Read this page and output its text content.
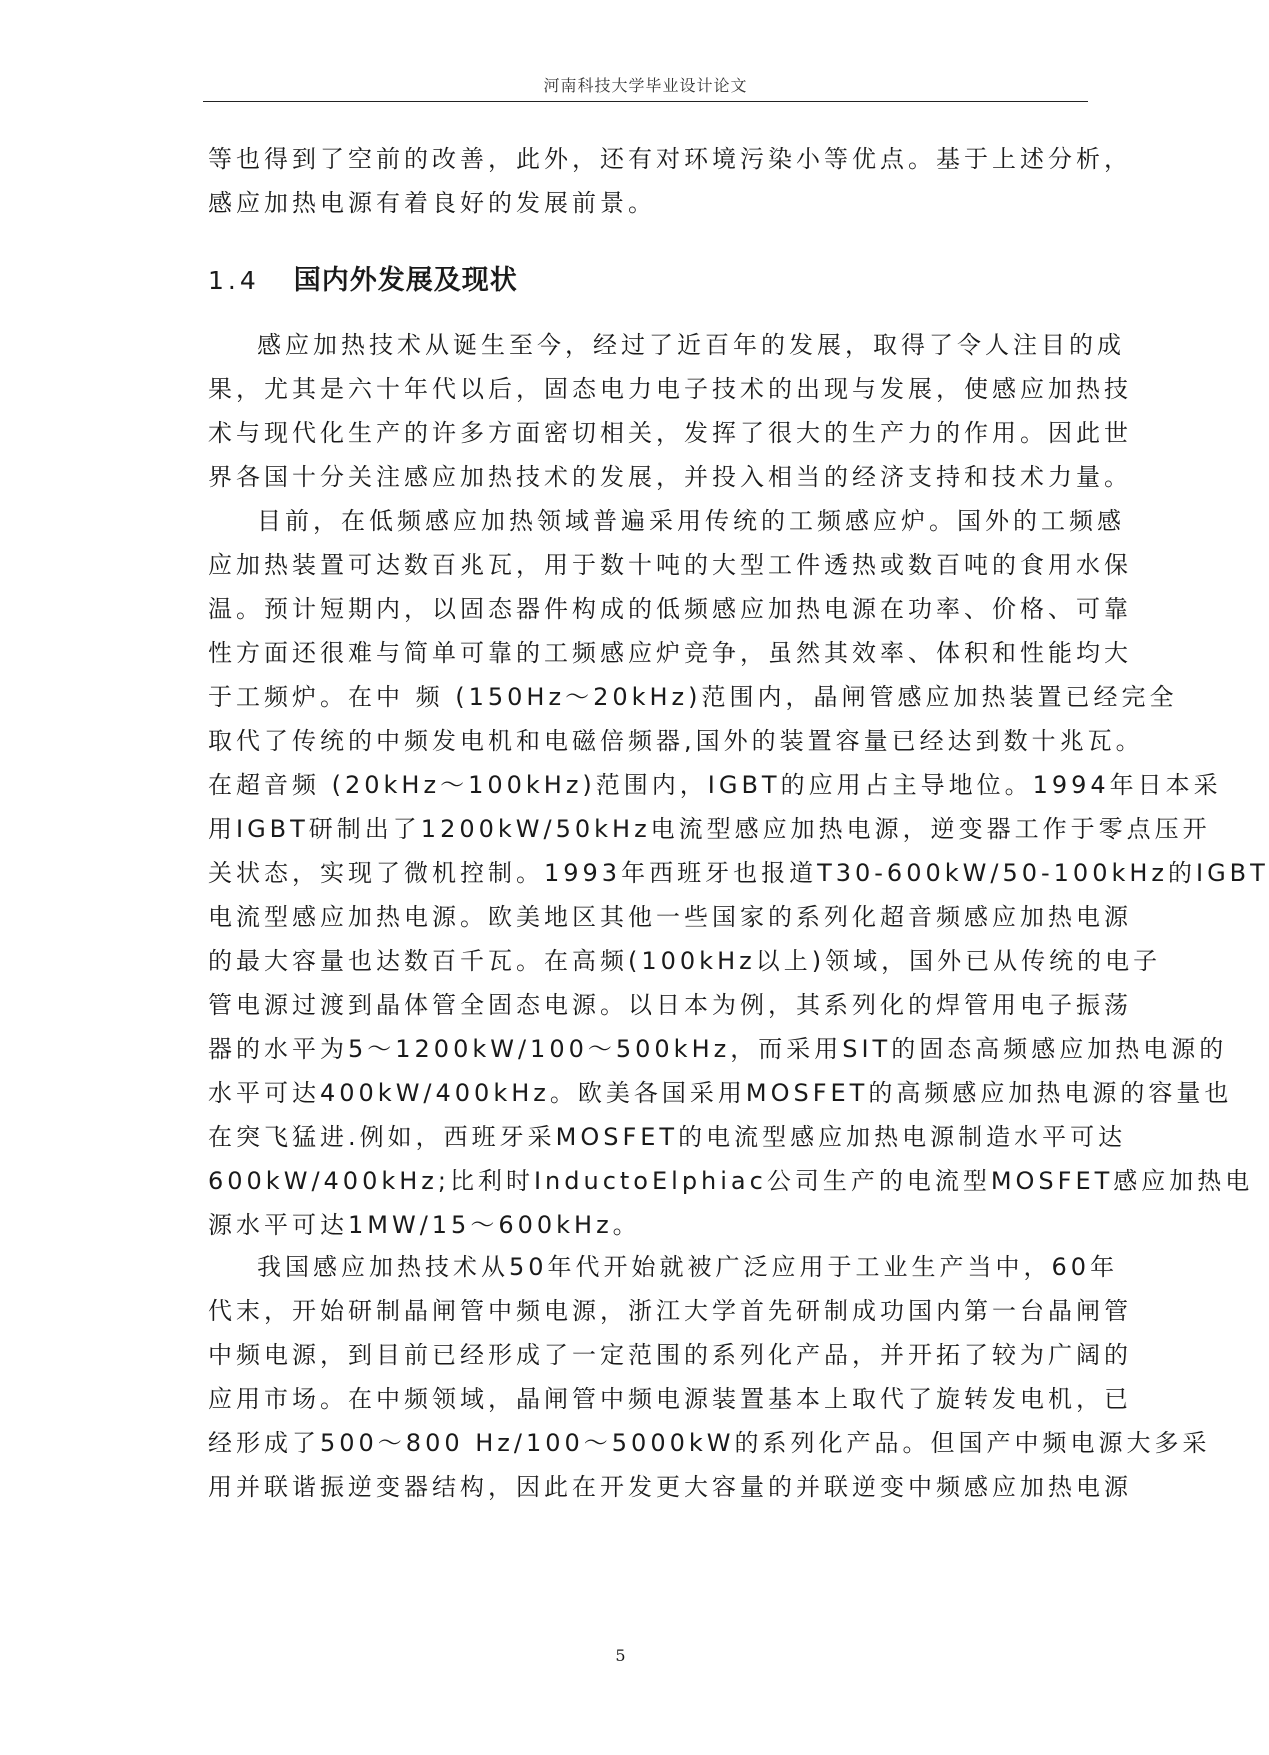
河南科技大学毕业设计论文
等也得到了空前的改善，此外，还有对环境污染小等优点。基于上述分析，
感应加热电源有着良好的发展前景。
1.4 国内外发展及现状
感应加热技术从诞生至今，经过了近百年的发展，取得了令人注目的成
果，尤其是六十年代以后，固态电力电子技术的出现与发展，使感应加热技
术与现代化生产的许多方面密切相关，发挥了很大的生产力的作用。因此世
界各国十分关注感应加热技术的发展，并投入相当的经济支持和技术力量。
目前，在低频感应加热领域普遍采用传统的工频感应炉。国外的工频感
应加热装置可达数百兆瓦，用于数十吨的大型工件透热或数百吨的食用水保
温。预计短期内，以固态器件构成的低频感应加热电源在功率、价格、可靠
性方面还很难与简单可靠的工频感应炉竞争，虽然其效率、体积和性能均大
于工频炉。在中 频 (150Hz～20kHz)范围内，晶闸管感应加热装置已经完全
取代了传统的中频发电机和电磁倍频器,国外的装置容量已经达到数十兆瓦。
在超音频 (20kHz～100kHz)范围内，IGBT的应用占主导地位。1994年日本采
用IGBT研制出了1200kW/50kHz电流型感应加热电源，逆变器工作于零点压开
关状态，实现了微机控制。1993年西班牙也报道T30-600kW/50-100kHz的IGBT
电流型感应加热电源。欧美地区其他一些国家的系列化超音频感应加热电源
的最大容量也达数百千瓦。在高频(100kHz以上)领域，国外已从传统的电子
管电源过渡到晶体管全固态电源。以日本为例，其系列化的焊管用电子振荡
器的水平为5～1200kW/100～500kHz，而采用SIT的固态高频感应加热电源的
水平可达400kW/400kHz。欧美各国采用MOSFET的高频感应加热电源的容量也
在突飞猛进.例如，西班牙采MOSFET的电流型感应加热电源制造水平可达
600kW/400kHz;比利时InductoElphiac公司生产的电流型MOSFET感应加热电
源水平可达1MW/15～600kHz。
我国感应加热技术从50年代开始就被广泛应用于工业生产当中，60年
代末，开始研制晶闸管中频电源，浙江大学首先研制成功国内第一台晶闸管
中频电源，到目前已经形成了一定范围的系列化产品，并开拓了较为广阔的
应用市场。在中频领域，晶闸管中频电源装置基本上取代了旋转发电机，已
经形成了500～800 Hz/100～5000kW的系列化产品。但国产中频电源大多采
用并联谐振逆变器结构，因此在开发更大容量的并联逆变中频感应加热电源
5
